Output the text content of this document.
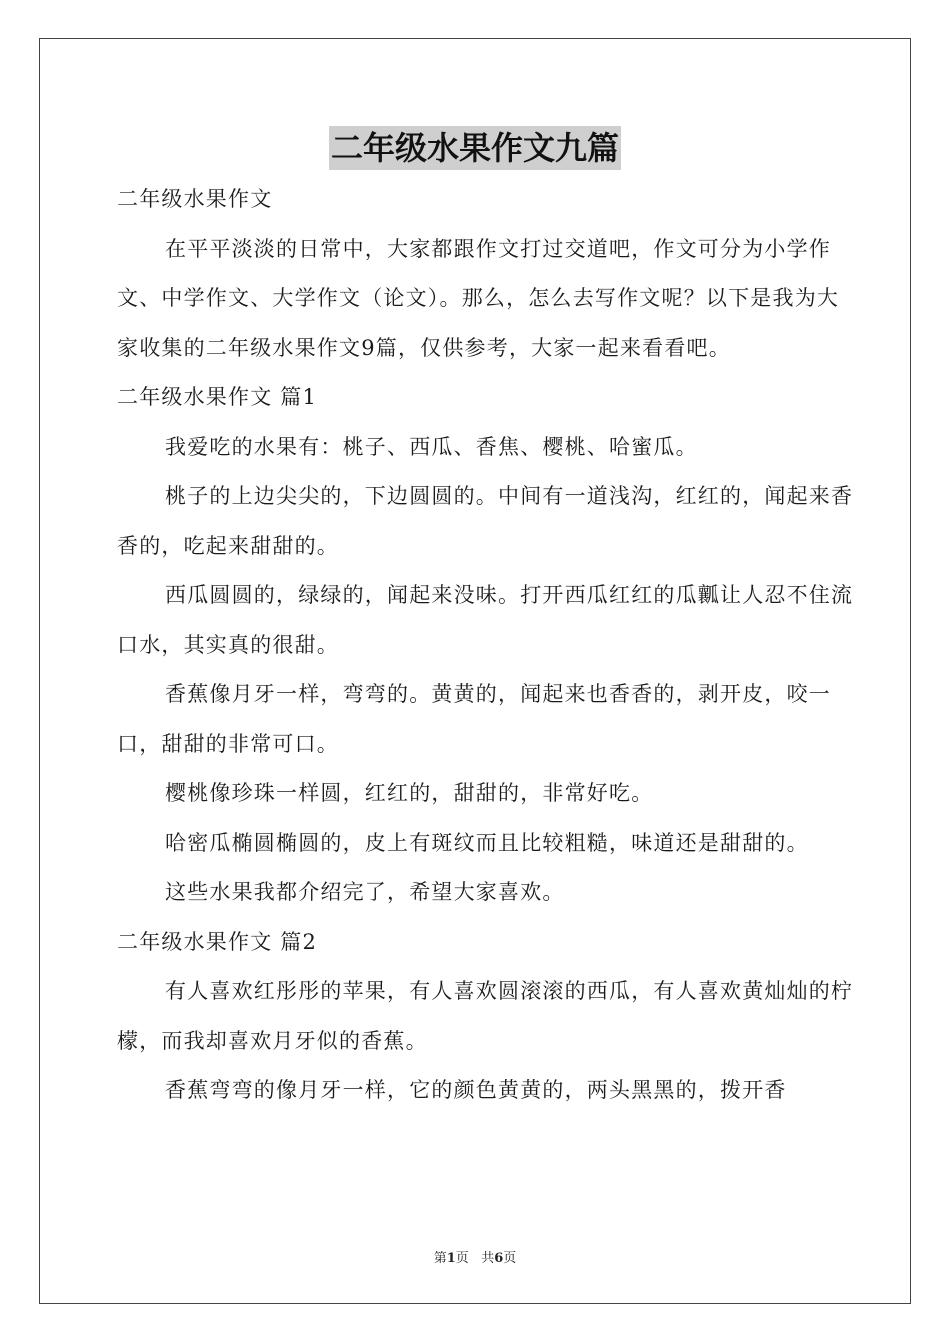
二年级水果作文九篇

二年级水果作文

在平平淡淡的日常中，大家都跟作文打过交道吧，作文可分为小学作文、中学作文、大学作文（论文）。那么，怎么去写作文呢？以下是我为大家收集的二年级水果作文9篇，仅供参考，大家一起来看看吧。

二年级水果作文 篇1

我爱吃的水果有：桃子、西瓜、香焦、樱桃、哈蜜瓜。

桃子的上边尖尖的，下边圆圆的。中间有一道浅沟，红红的，闻起来香香的，吃起来甜甜的。

西瓜圆圆的，绿绿的，闻起来没味。打开西瓜红红的瓜瓤让人忍不住流口水，其实真的很甜。

香蕉像月牙一样，弯弯的。黄黄的，闻起来也香香的，剥开皮，咬一口，甜甜的非常可口。

樱桃像珍珠一样圆，红红的，甜甜的，非常好吃。

哈密瓜椭圆椭圆的，皮上有斑纹而且比较粗糙，味道还是甜甜的。

这些水果我都介绍完了，希望大家喜欢。

二年级水果作文 篇2

有人喜欢红彤彤的苹果，有人喜欢圆滚滚的西瓜，有人喜欢黄灿灿的柠檬，而我却喜欢月牙似的香蕉。

香蕉弯弯的像月牙一样，它的颜色黄黄的，两头黑黑的，拨开香

第1页 共6页
